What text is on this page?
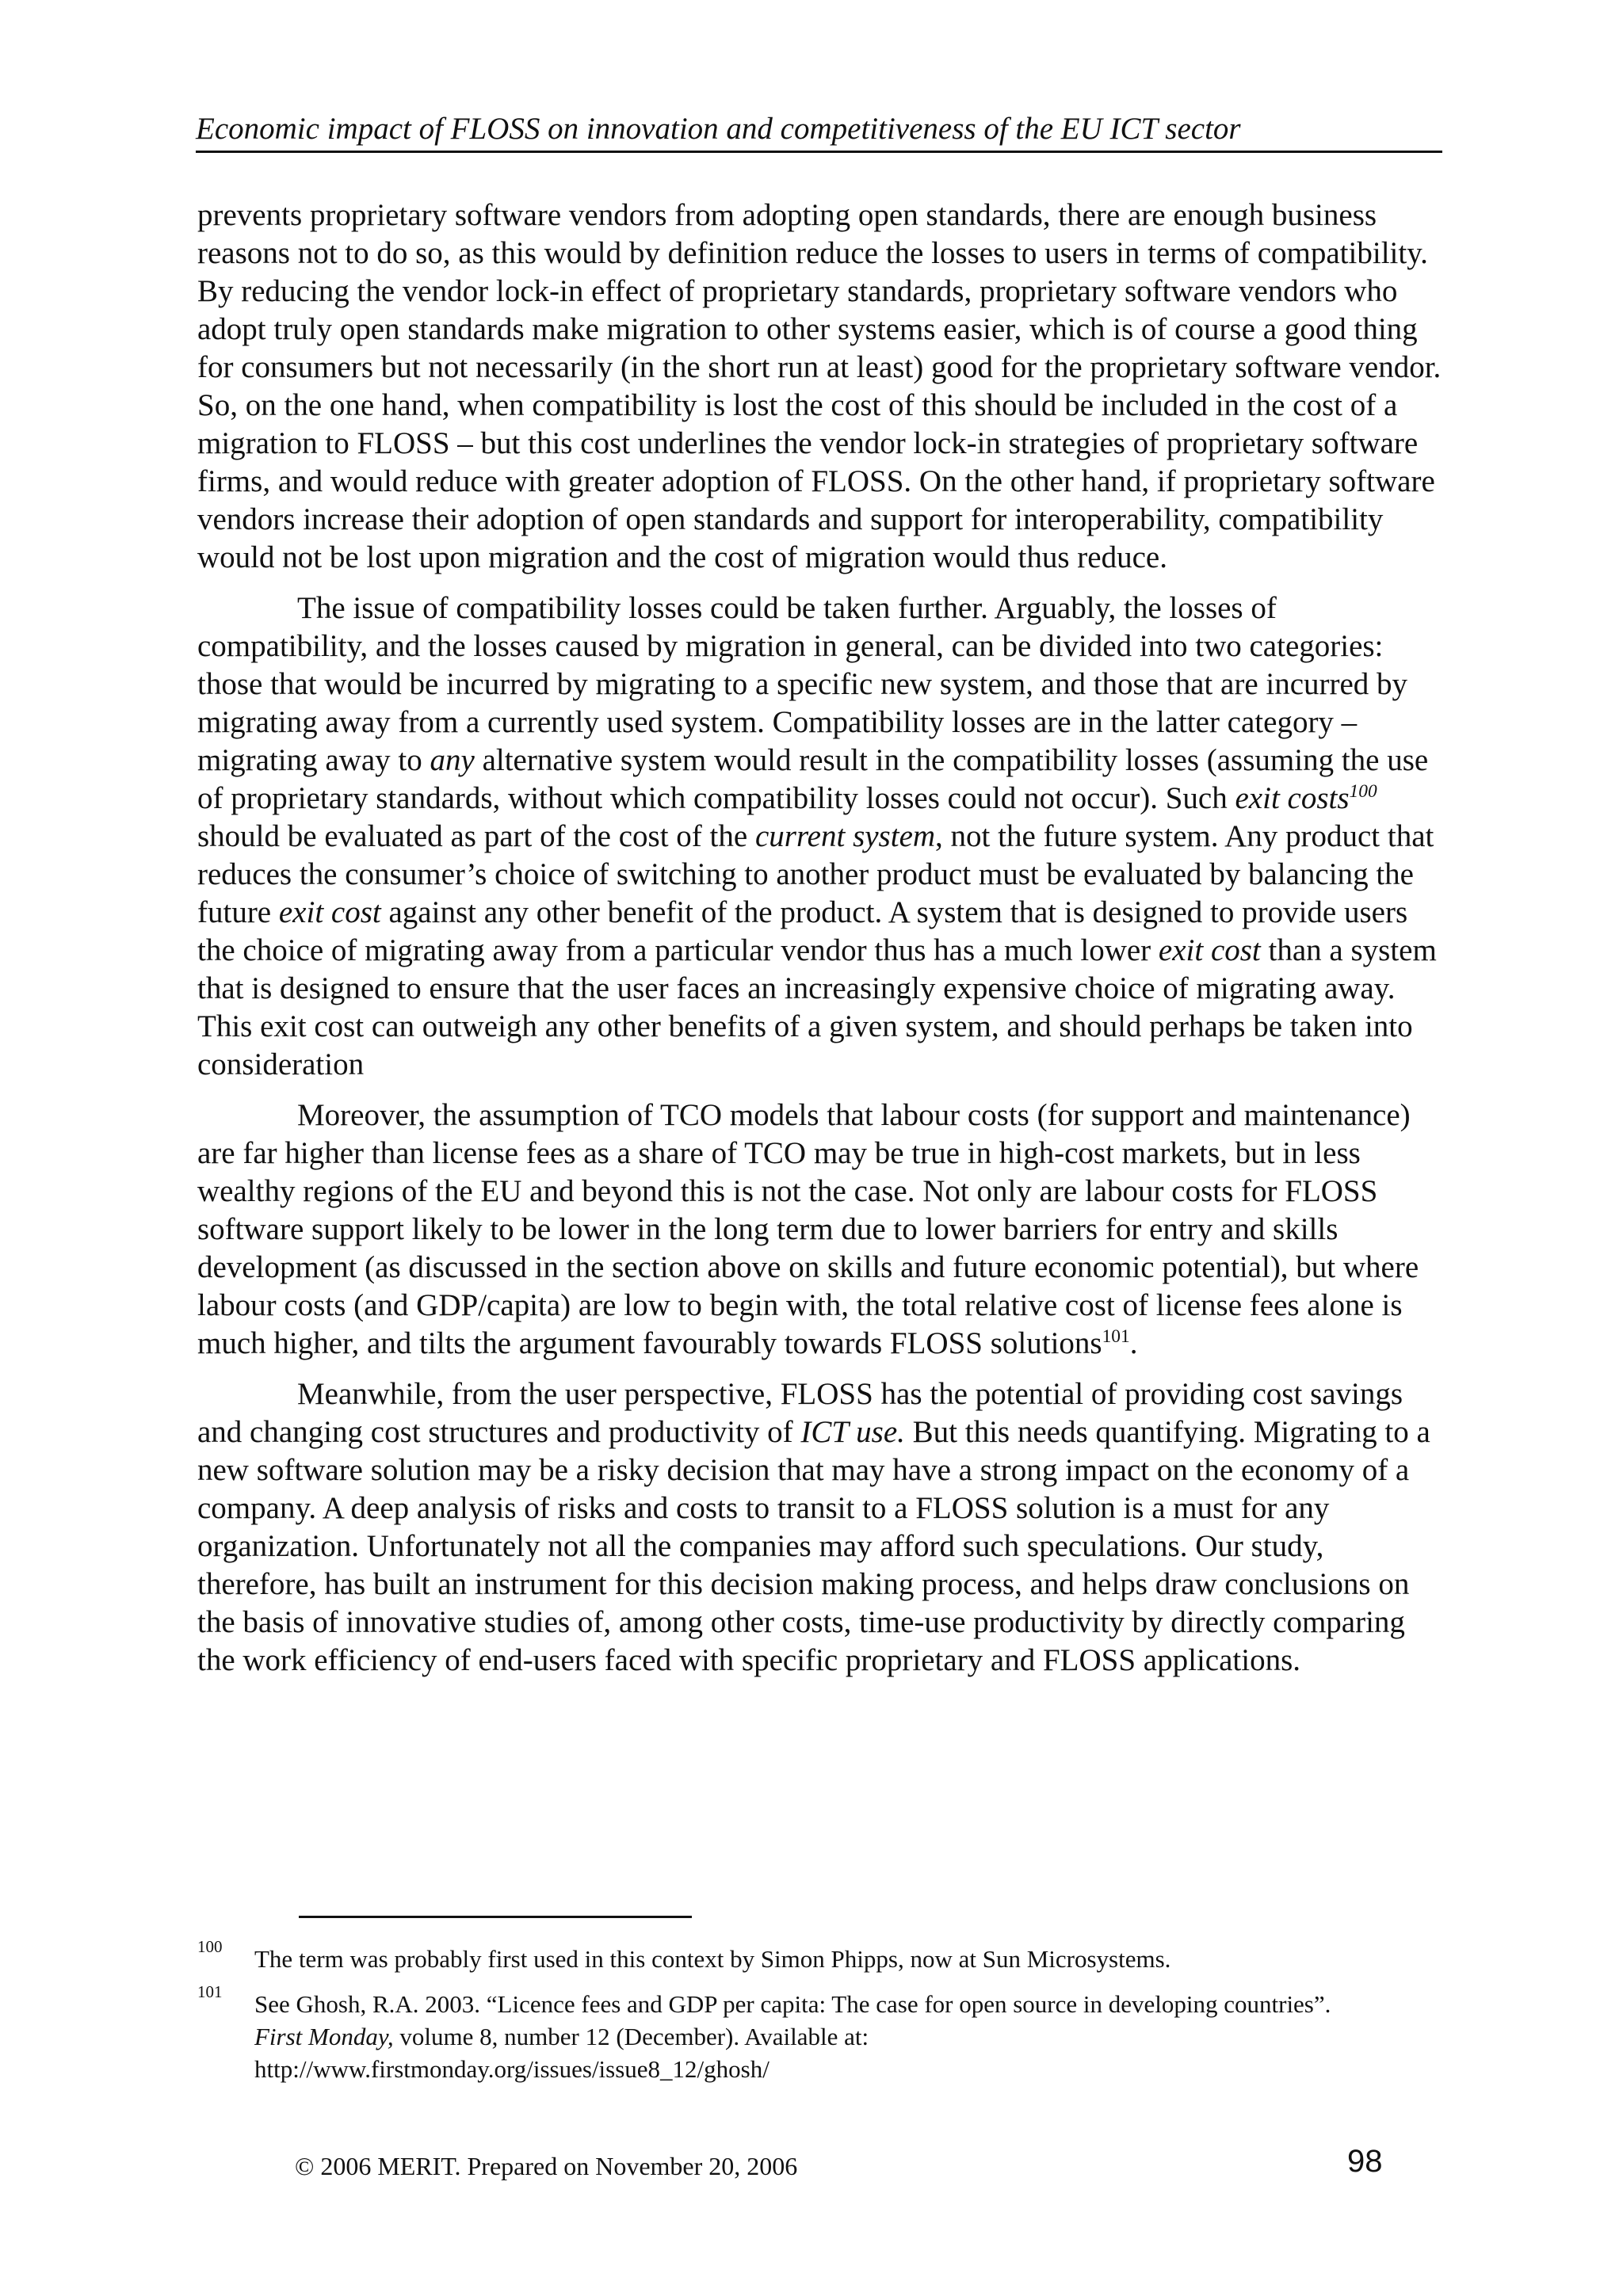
Economic impact of FLOSS on innovation and competitiveness of the EU ICT sector

prevents proprietary software vendors from adopting open standards, there are enough business reasons not to do so, as this would by definition reduce the losses to users in terms of compatibility. By reducing the vendor lock-in effect of proprietary standards, proprietary software vendors who adopt truly open standards make migration to other systems easier, which is of course a good thing for consumers but not necessarily (in the short run at least) good for the proprietary software vendor. So, on the one hand, when compatibility is lost the cost of this should be included in the cost of a migration to FLOSS – but this cost underlines the vendor lock-in strategies of proprietary software firms, and would reduce with greater adoption of FLOSS. On the other hand, if proprietary software vendors increase their adoption of open standards and support for interoperability, compatibility would not be lost upon migration and the cost of migration would thus reduce.

The issue of compatibility losses could be taken further. Arguably, the losses of compatibility, and the losses caused by migration in general, can be divided into two categories: those that would be incurred by migrating to a specific new system, and those that are incurred by migrating away from a currently used system. Compatibility losses are in the latter category – migrating away to any alternative system would result in the compatibility losses (assuming the use of proprietary standards, without which compatibility losses could not occur). Such exit costs$^{100}$ should be evaluated as part of the cost of the current system, not the future system. Any product that reduces the consumer’s choice of switching to another product must be evaluated by balancing the future exit cost against any other benefit of the product. A system that is designed to provide users the choice of migrating away from a particular vendor thus has a much lower exit cost than a system that is designed to ensure that the user faces an increasingly expensive choice of migrating away. This exit cost can outweigh any other benefits of a given system, and should perhaps be taken into consideration

Moreover, the assumption of TCO models that labour costs (for support and maintenance) are far higher than license fees as a share of TCO may be true in high-cost markets, but in less wealthy regions of the EU and beyond this is not the case. Not only are labour costs for FLOSS software support likely to be lower in the long term due to lower barriers for entry and skills development (as discussed in the section above on skills and future economic potential), but where labour costs (and GDP/capita) are low to begin with, the total relative cost of license fees alone is much higher, and tilts the argument favourably towards FLOSS solutions$^{101}$.

Meanwhile, from the user perspective, FLOSS has the potential of providing cost savings and changing cost structures and productivity of ICT use. But this needs quantifying. Migrating to a new software solution may be a risky decision that may have a strong impact on the economy of a company. A deep analysis of risks and costs to transit to a FLOSS solution is a must for any organization. Unfortunately not all the companies may afford such speculations. Our study, therefore, has built an instrument for this decision making process, and helps draw conclusions on the basis of innovative studies of, among other costs, time-use productivity by directly comparing the work efficiency of end-users faced with specific proprietary and FLOSS applications.

100 The term was probably first used in this context by Simon Phipps, now at Sun Microsystems.
101 See Ghosh, R.A. 2003. “Licence fees and GDP per capita: The case for open source in developing countries”.
First Monday, volume 8, number 12 (December). Available at:
http://www.firstmonday.org/issues/issue8_12/ghosh/
© 2006 MERIT. Prepared on November 20, 2006	98
